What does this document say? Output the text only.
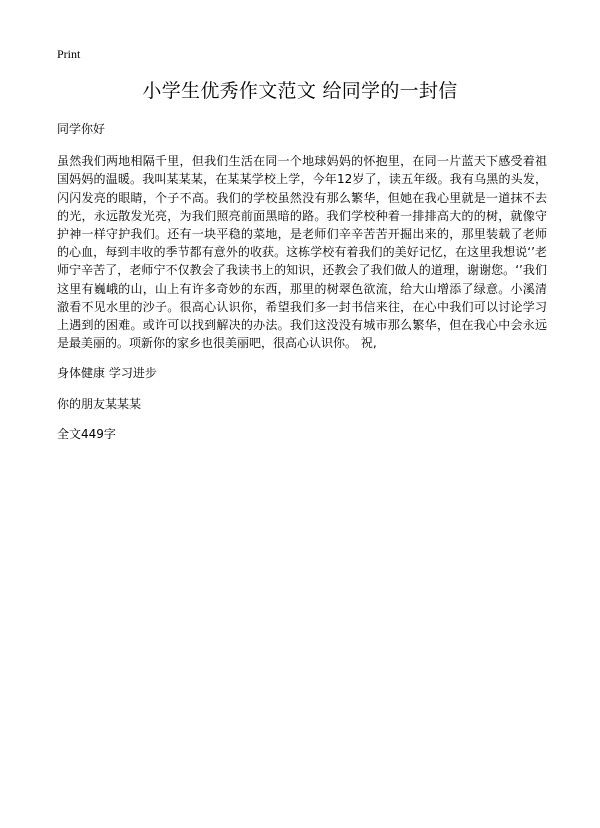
Print
小学生优秀作文范文 给同学的一封信

同学你好

虽然我们两地相隔千里，但我们生活在同一个地球妈妈的怀抱里，在同一片蓝天下感受着祖国妈妈的温暖。我叫某某某，在某某学校上学，今年12岁了，读五年级。我有乌黑的头发，闪闪发亮的眼睛，个子不高。我们的学校虽然没有那么繁华，但她在我心里就是一道抹不去的光，永远散发光亮，为我们照亮前面黑暗的路。我们学校种着一排排高大的的树，就像守护神一样守护我们。还有一块平稳的菜地，是老师们辛辛苦苦开掘出来的，那里装载了老师的心血，每到丰收的季节都有意外的收获。这栋学校有着我们的美好记忆，在这里我想说‘’老师宁辛苦了，老师宁不仅教会了我读书上的知识，还教会了我们做人的道理，谢谢您。‘’我们这里有巍峨的山，山上有许多奇妙的东西，那里的树翠色欲流，给大山增添了绿意。小溪清澈看不见水里的沙子。很高心认识你，希望我们多一封书信来往，在心中我们可以讨论学习上遇到的困难。或许可以找到解决的办法。我们这没没有城市那么繁华，但在我心中会永远是最美丽的。项新你的家乡也很美丽吧，很高心认识你。 祝,

身体健康 学习进步

你的朋友某某某

全文449字
